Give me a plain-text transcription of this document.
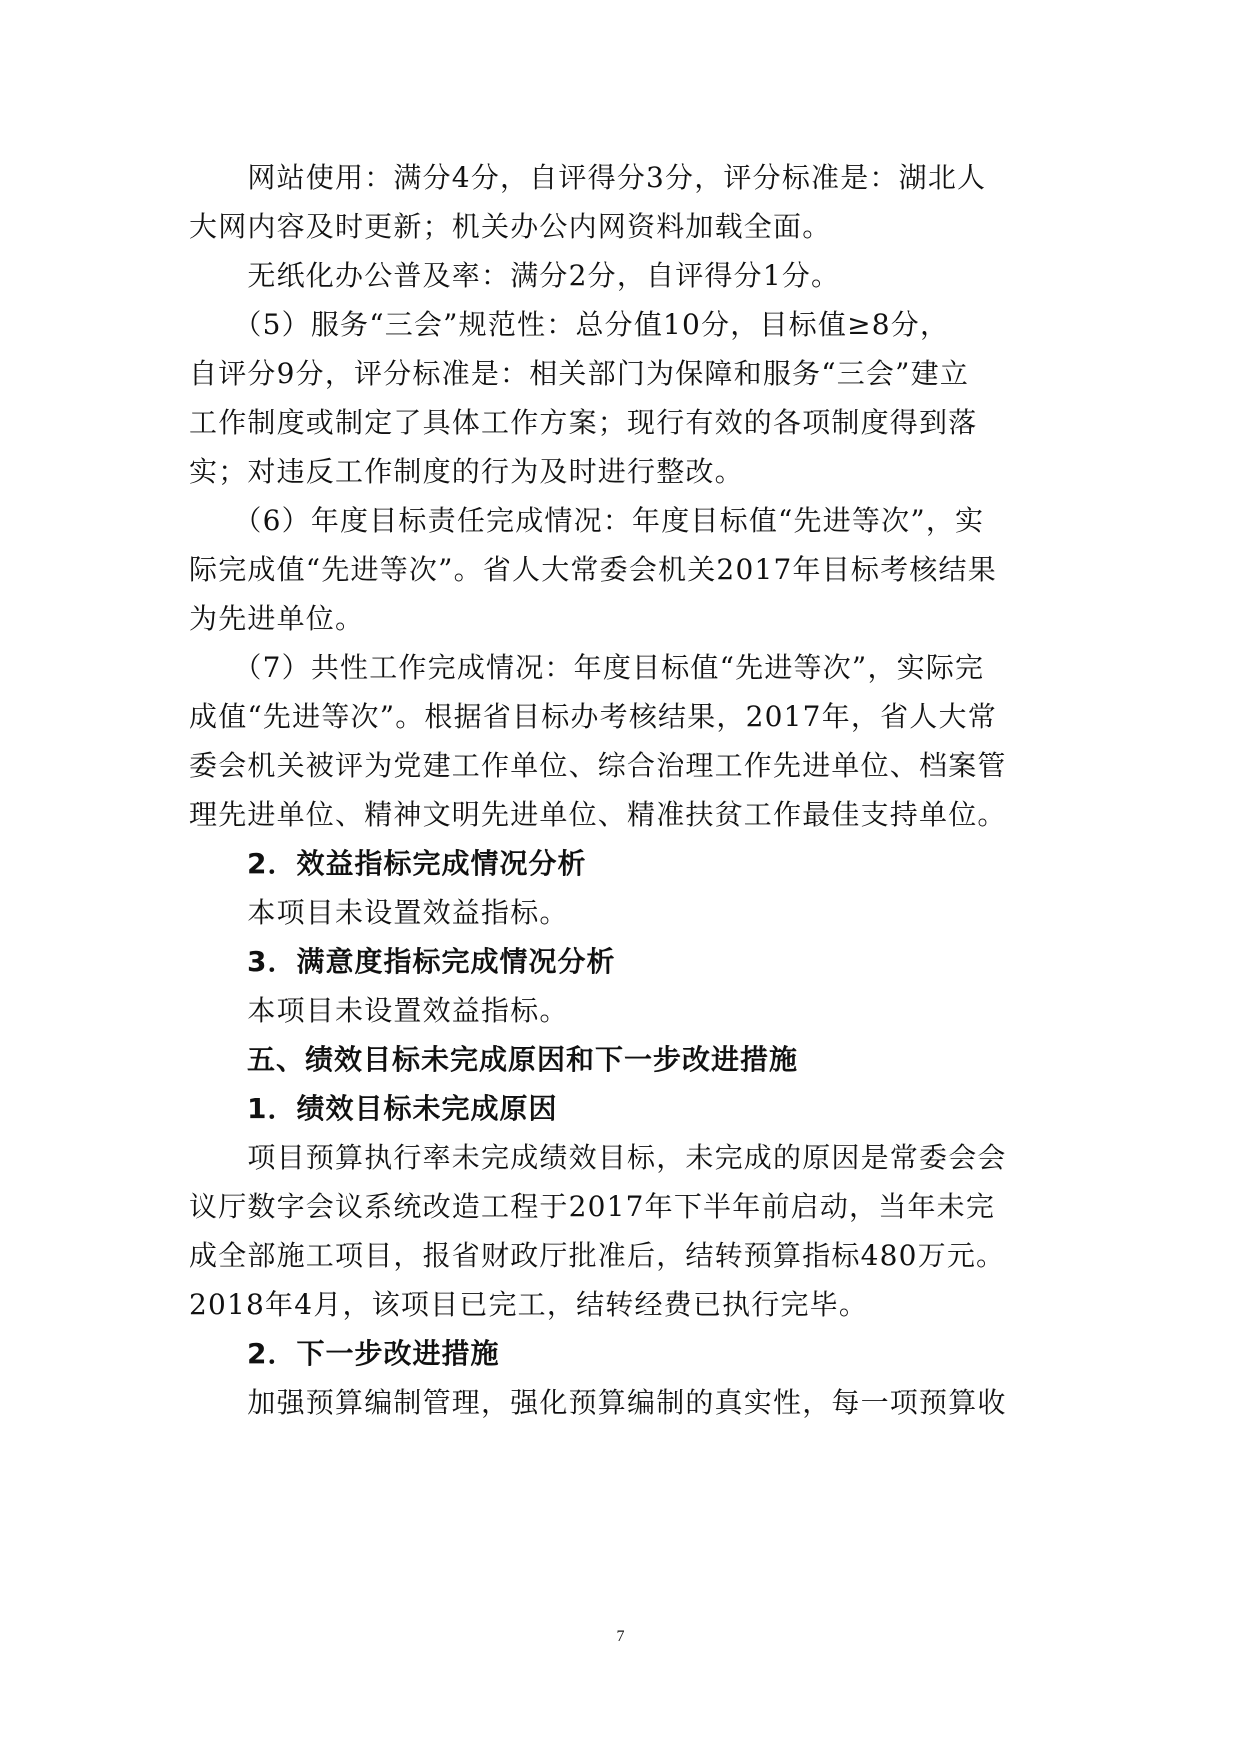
　　网站使用：满分4分，自评得分3分，评分标准是：湖北人
大网内容及时更新；机关办公内网资料加载全面。
　　无纸化办公普及率：满分2分，自评得分1分。
　　（5）服务“三会”规范性：总分值10分，目标值≥8分，
自评分9分，评分标准是：相关部门为保障和服务“三会”建立
工作制度或制定了具体工作方案；现行有效的各项制度得到落
实；对违反工作制度的行为及时进行整改。
　　（6）年度目标责任完成情况：年度目标值“先进等次”，实
际完成值“先进等次”。省人大常委会机关2017年目标考核结果
为先进单位。
　　（7）共性工作完成情况：年度目标值“先进等次”，实际完
成值“先进等次”。根据省目标办考核结果，2017年，省人大常
委会机关被评为党建工作单位、综合治理工作先进单位、档案管
理先进单位、精神文明先进单位、精准扶贫工作最佳支持单位。
　　2．效益指标完成情况分析
　　本项目未设置效益指标。
　　3．满意度指标完成情况分析
　　本项目未设置效益指标。
　　五、绩效目标未完成原因和下一步改进措施
　　1．绩效目标未完成原因
　　项目预算执行率未完成绩效目标，未完成的原因是常委会会
议厅数字会议系统改造工程于2017年下半年前启动，当年未完
成全部施工项目，报省财政厅批准后，结转预算指标480万元。
2018年4月，该项目已完工，结转经费已执行完毕。
　　2．下一步改进措施
　　加强预算编制管理，强化预算编制的真实性，每一项预算收
7
